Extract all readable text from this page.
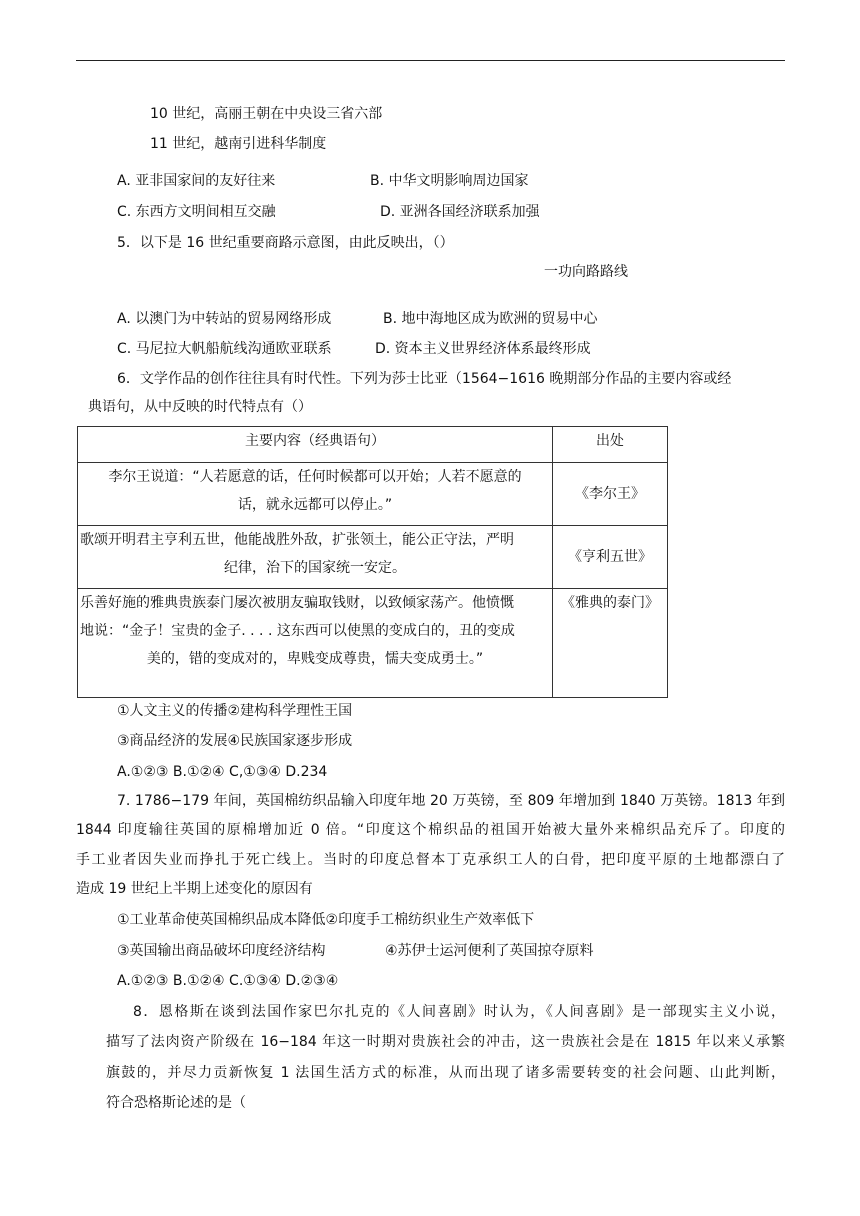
10 世纪，高丽王朝在中央设三省六部
11 世纪，越南引进科华制度
A. 亚非国家间的友好往来	B. 中华文明影响周边国家
C. 东西方文明间相互交融	D. 亚洲各国经济联系加强
5．以下是 16 世纪重要商路示意图，由此反映出，（）
一功向路路线
A. 以澳门为中转站的贸易网络形成	B. 地中海地区成为欧洲的贸易中心
C. 马尼拉大帆船航线沟通欧亚联系	D. 资本主义世界经济体系最终形成
6．文学作品的创作往往具有时代性。下列为莎士比亚（1564−1616 晚期部分作品的主要内容或经
典语句，从中反映的时代特点有（）
主要内容（经典语句）	出处

李尔王说道：“人若愿意的话，任何时候都可以开始；人若不愿意的
话，就永远都可以停止。”	《李尔王》

歌颂开明君主亨利五世，他能战胜外敌，扩张领土，能公正守法，严明
纪律，治下的国家统一安定。	《亨利五世》

乐善好施的雅典贵族泰门屡次被朋友骗取钱财，以致倾家荡产。他愤慨
地说：“金子！宝贵的金子. . . . 这东西可以使黑的变成白的，丑的变成
美的，错的变成对的，卑贱变成尊贵，懦夫变成勇士。”	《雅典的泰门》
①人文主义的传播②建构科学理性王国
③商品经济的发展④民族国家逐步形成
A.①②③ B.①②④ C,①③④ D.234
7. 1786−179 年间，英国棉纺织品输入印度年地 20 万英镑，至 809 年增加到 1840 万英镑。1813 年到
1844 印度输往英国的原棉增加近 0 倍。“印度这个棉织品的祖国开始被大量外来棉织品充斥了。印度的
手工业者因失业而挣扎于死亡线上。当时的印度总督本丁克承织工人的白骨，把印度平原的土地都漂白了
造成 19 世纪上半期上述变化的原因有
①工业革命使英国棉织品成本降低②印度手工棉纺织业生产效率低下
③英国输出商品破坏印度经济结构	④苏伊士运河便利了英国掠夺原料
A.①②③ B.①②④ C.①③④ D.②③④
8．恩格斯在谈到法国作家巴尔扎克的《人间喜剧》时认为，《人间喜剧》是一部现实主义小说，
描写了法肉资产阶级在 16−184 年这一时期对贵族社会的冲击，这一贵族社会是在 1815 年以来乂承繁
旗鼓的，并尽力贡新恢复 1 法国生活方式的标准，从而出现了诸多需要转变的社会问题、山此判断，
符合恐格斯论述的是（
